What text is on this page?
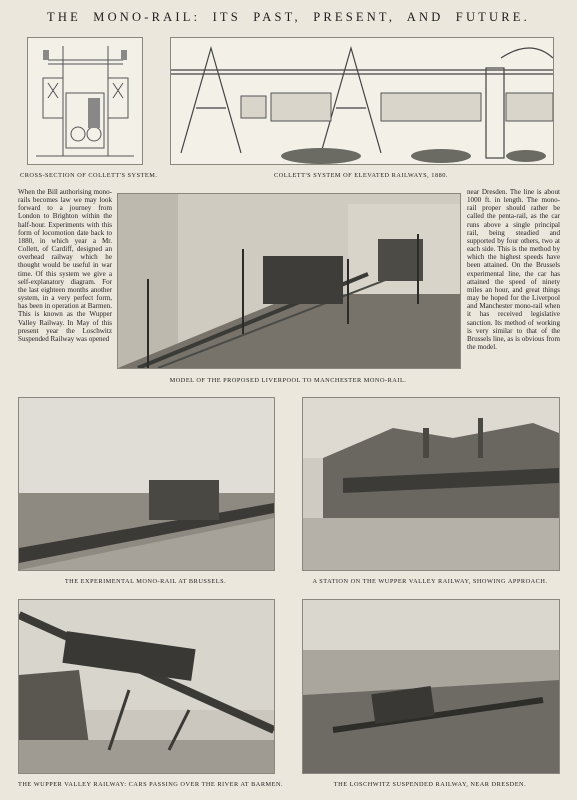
THE MONO-RAIL: ITS PAST, PRESENT, AND FUTURE.
CROSS-SECTION OF COLLETT'S SYSTEM.	COLLETT'S SYSTEM OF ELEVATED RAILWAYS, 1880.
When the Bill authorising mono-rails becomes law we may look forward to a journey from London to Brighton within the half-hour. Experiments with this form of locomotion date back to 1880, in which year a Mr. Collett, of Cardiff, designed an overhead railway which he thought would be useful in war time. Of this system we give a self-explanatory diagram. For the last eighteen months another system, in a very perfect form, has been in operation at Barmen. This is known as the Wupper Valley Railway. In May of this present year the Loschwitz Suspended Railway was opened
MODEL OF THE PROPOSED LIVERPOOL TO MANCHESTER MONO-RAIL.
near Dresden. The line is about 1000 ft. in length. The mono-rail proper should rather be called the penta-rail, as the car runs above a single principal rail, being steadied and supported by four others, two at each side. This is the method by which the highest speeds have been attained. On the Brussels experimental line, the car has attained the speed of ninety miles an hour, and great things may be hoped for the Liverpool and Manchester mono-rail when it has received legislative sanction. Its method of working is very similar to that of the Brussels line, as is obvious from the model.
THE EXPERIMENTAL MONO-RAIL AT BRUSSELS.	A STATION ON THE WUPPER VALLEY RAILWAY, SHOWING APPROACH.
THE WUPPER VALLEY RAILWAY: CARS PASSING OVER THE RIVER AT BARMEN.	THE LOSCHWITZ SUSPENDED RAILWAY, NEAR DRESDEN.
